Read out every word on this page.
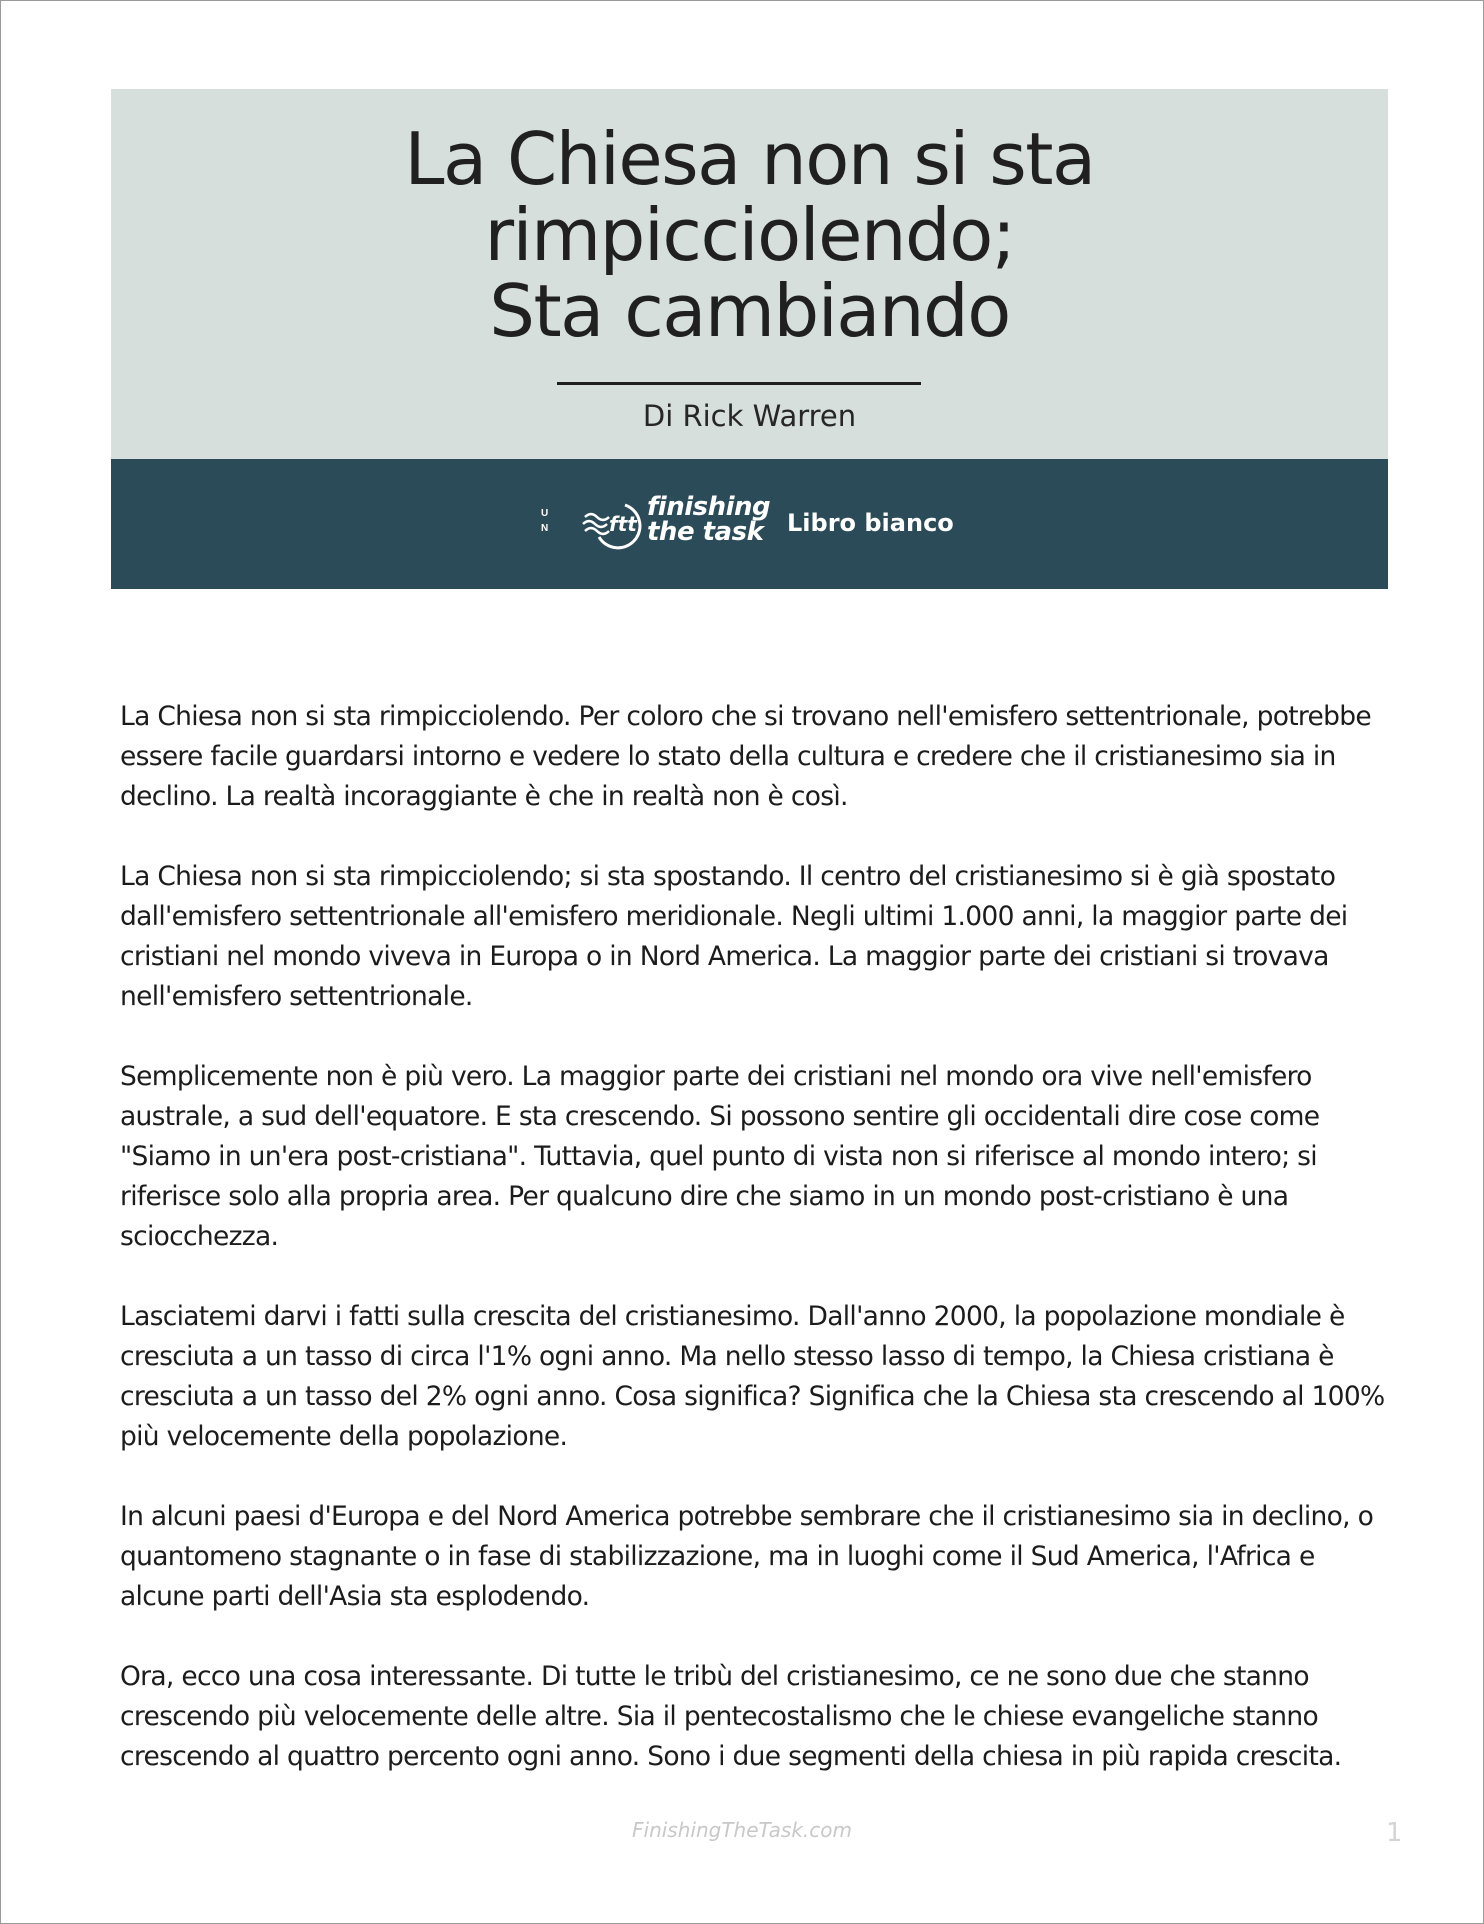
La Chiesa non si sta
rimpicciolendo;
Sta cambiando
Di Rick Warren
U
N	ftt
finishing
the task Libro bianco

La Chiesa non si sta rimpicciolendo. Per coloro che si trovano nell'emisfero settentrionale, potrebbe essere facile guardarsi intorno e vedere lo stato della cultura e credere che il cristianesimo sia in declino. La realtà incoraggiante è che in realtà non è così.

La Chiesa non si sta rimpicciolendo; si sta spostando. Il centro del cristianesimo si è già spostato dall'emisfero settentrionale all'emisfero meridionale. Negli ultimi 1.000 anni, la maggior parte dei cristiani nel mondo viveva in Europa o in Nord America. La maggior parte dei cristiani si trovava nell'emisfero settentrionale.

Semplicemente non è più vero. La maggior parte dei cristiani nel mondo ora vive nell'emisfero australe, a sud dell'equatore. E sta crescendo. Si possono sentire gli occidentali dire cose come "Siamo in un'era post-cristiana". Tuttavia, quel punto di vista non si riferisce al mondo intero; si riferisce solo alla propria area. Per qualcuno dire che siamo in un mondo post-cristiano è una sciocchezza.

Lasciatemi darvi i fatti sulla crescita del cristianesimo. Dall'anno 2000, la popolazione mondiale è cresciuta a un tasso di circa l'1% ogni anno. Ma nello stesso lasso di tempo, la Chiesa cristiana è cresciuta a un tasso del 2% ogni anno. Cosa significa? Significa che la Chiesa sta crescendo al 100% più velocemente della popolazione.

In alcuni paesi d'Europa e del Nord America potrebbe sembrare che il cristianesimo sia in declino, o quantomeno stagnante o in fase di stabilizzazione, ma in luoghi come il Sud America, l'Africa e alcune parti dell'Asia sta esplodendo.

Ora, ecco una cosa interessante. Di tutte le tribù del cristianesimo, ce ne sono due che stanno crescendo più velocemente delle altre. Sia il pentecostalismo che le chiese evangeliche stanno crescendo al quattro percento ogni anno. Sono i due segmenti della chiesa in più rapida crescita.

FinishingTheTask.com	1
